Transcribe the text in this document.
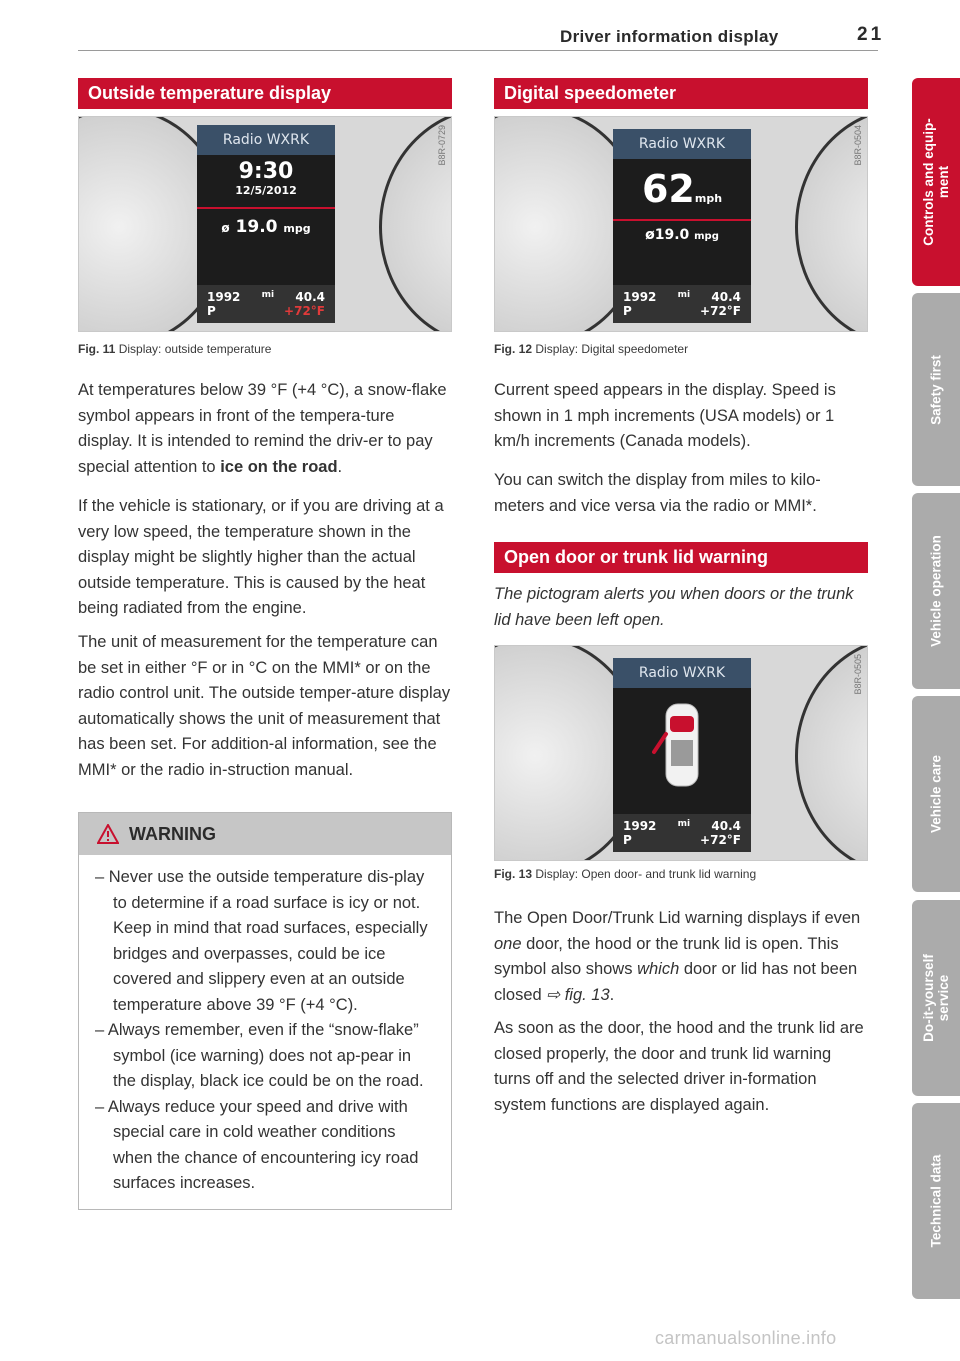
Driver information display	21
Outside temperature display
Radio WXRK
9:30
12/5/2012
ø 19.0 mpg
1992 mi 40.4
P	+72°F
B8R-0729
Fig. 11 Display: outside temperature
At temperatures below 39 °F (+4 °C), a snow-flake symbol appears in front of the tempera-ture display. It is intended to remind the driv-er to pay special attention to ice on the road.
If the vehicle is stationary, or if you are driving at a very low speed, the temperature shown in the display might be slightly higher than the actual outside temperature. This is caused by the heat being radiated from the engine.
The unit of measurement for the temperature can be set in either °F or in °C on the MMI* or on the radio control unit. The outside temper-ature display automatically shows the unit of measurement that has been set. For addition-al information, see the MMI* or the radio in-struction manual.
WARNING
– Never use the outside temperature dis-play to determine if a road surface is icy or not. Keep in mind that road surfaces, especially bridges and overpasses, could be ice covered and slippery even at an outside temperature above 39 °F (+4 °C).
– Always remember, even if the “snow-flake” symbol (ice warning) does not ap-pear in the display, black ice could be on the road.
– Always reduce your speed and drive with special care in cold weather conditions when the chance of encountering icy road surfaces increases.
Digital speedometer
Radio WXRK
62mph
ø19.0 mpg
1992 mi 40.4
P	+72°F
B8R-0504
Fig. 12 Display: Digital speedometer
Current speed appears in the display. Speed is shown in 1 mph increments (USA models) or 1 km/h increments (Canada models).
You can switch the display from miles to kilo-meters and vice versa via the radio or MMI*.
Open door or trunk lid warning
The pictogram alerts you when doors or the trunk lid have been left open.
Radio WXRK
1992 mi 40.4
P	+72°F
B8R-0505
Fig. 13 Display: Open door- and trunk lid warning
The Open Door/Trunk Lid warning displays if even one door, the hood or the trunk lid is open. This symbol also shows which door or lid has not been closed ⇨ fig. 13.
As soon as the door, the hood and the trunk lid are closed properly, the door and trunk lid warning turns off and the selected driver in-formation system functions are displayed again.
Controls and equip-
ment
Safety first
Vehicle operation
Vehicle care
Do-it-yourself
service
Technical data
carmanualsonline.info
